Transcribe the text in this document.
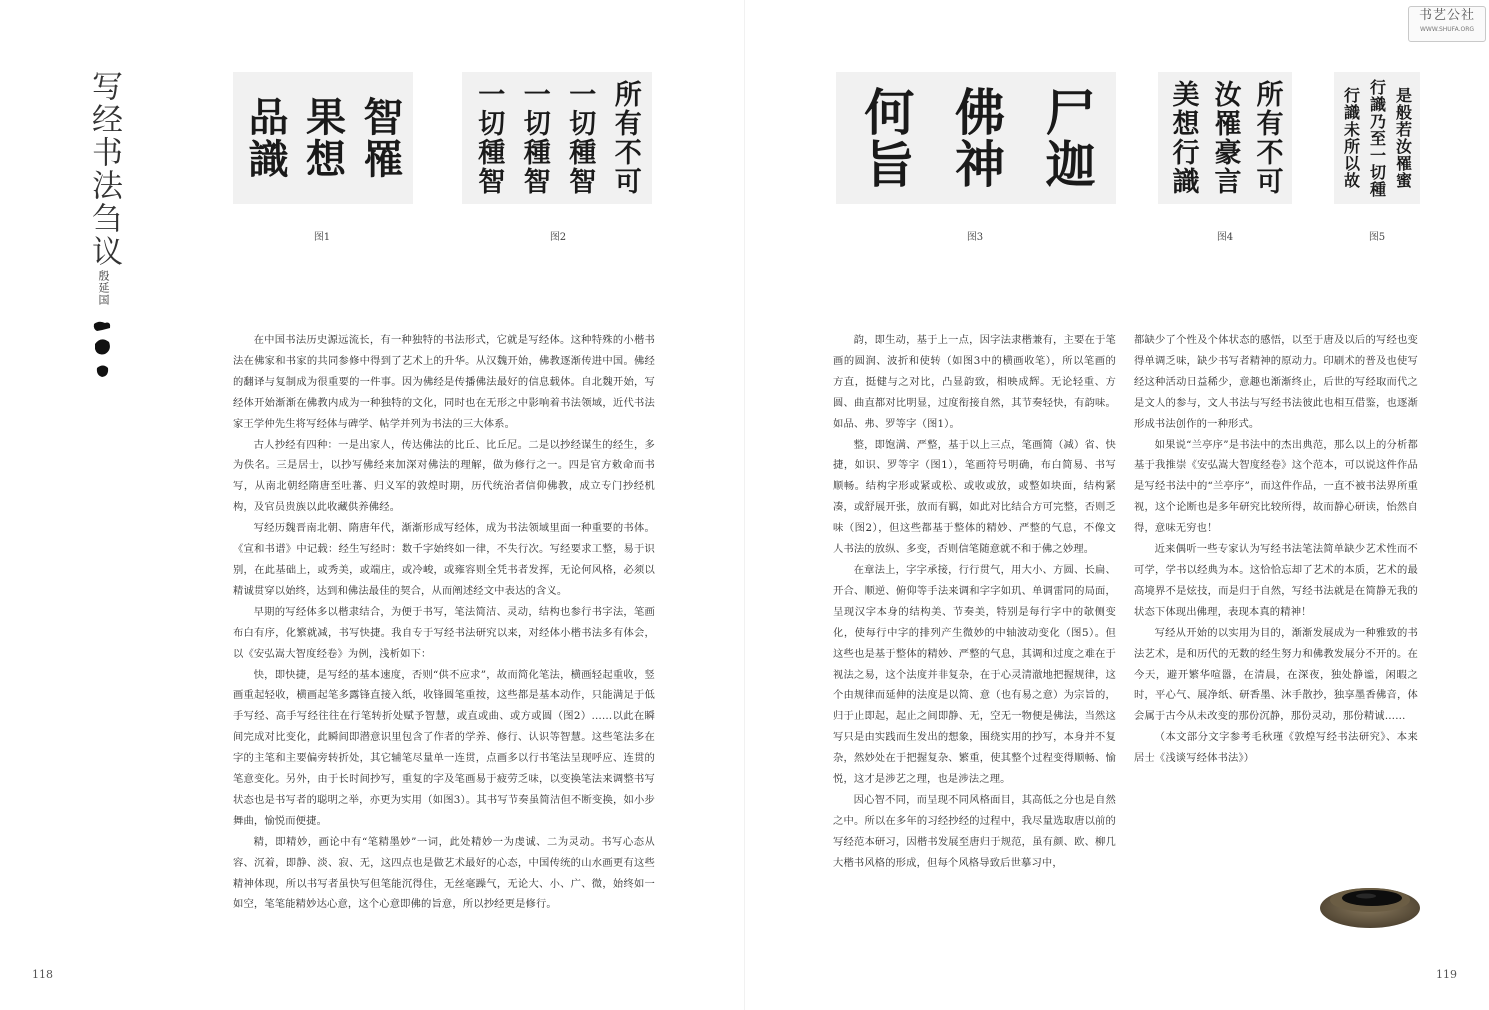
书艺公社
WWW.SHUFA.ORG
写经书法刍议
殷延国
智罹
果想
品識
图1
所有不可
一切種智
一切種智
一切種智
图2
尸迦
佛神
何旨
图3
所有不可
汝罹豪言
美想行識
图4
是般若汝罹蜜
行識乃至一切種
行識未所以故
图5

在中国书法历史源远流长，有一种独特的书法形式，它就是写经体。这种特殊的小楷书法在佛家和书家的共同参修中得到了艺术上的升华。从汉魏开始，佛教逐渐传进中国。佛经的翻译与复制成为很重要的一件事。因为佛经是传播佛法最好的信息载体。自北魏开始，写经体开始渐渐在佛教内成为一种独特的文化，同时也在无形之中影响着书法领域，近代书法家王学仲先生将写经体与碑学、帖学并列为书法的三大体系。

古人抄经有四种：一是出家人，传达佛法的比丘、比丘尼。二是以抄经谋生的经生，多为佚名。三是居士，以抄写佛经来加深对佛法的理解，做为修行之一。四是官方敕命而书写，从南北朝经隋唐至吐蕃、归义军的敦煌时期，历代统治者信仰佛教，成立专门抄经机构，及官员贵族以此收藏供养佛经。

写经历魏晋南北朝、隋唐年代，渐渐形成写经体，成为书法领域里面一种重要的书体。《宣和书谱》中记载：经生写经时：数千字始终如一律，不失行次。写经要求工整，易于识别，在此基础上，或秀美，或端庄，或冷峻，或雍容则全凭书者发挥，无论何风格，必须以精诚贯穿以始终，达到和佛法最佳的契合，从而阐述经文中表达的含义。

早期的写经体多以楷隶结合，为便于书写，笔法简洁、灵动，结构也参行书字法，笔画布白有序，化繁就减，书写快捷。我自专于写经书法研究以来，对经体小楷书法多有体会，以《安弘嵩大智度经卷》为例，浅析如下：

快，即快捷，是写经的基本速度，否则“供不应求”，故而简化笔法，横画轻起重收，竖画重起轻收，横画起笔多露锋直接入纸，收锋圆笔重按，这些都是基本动作，只能满足于低手写经、高手写经往往在行笔转折处赋予智慧，或直或曲、或方或圆（图2）……以此在瞬间完成对比变化，此瞬间即潜意识里包含了作者的学养、修行、认识等智慧。这些笔法多在字的主笔和主要偏旁转折处，其它辅笔尽量单一连贯，点画多以行书笔法呈现呼应、连贯的笔意变化。另外，由于长时间抄写，重复的字及笔画易于疲劳乏味，以变换笔法来调整书写状态也是书写者的聪明之举，亦更为实用（如图3）。其书写节奏虽简洁但不断变换，如小步舞曲，愉悦而便捷。

精，即精妙，画论中有“笔精墨妙”一词，此处精妙一为虔诚、二为灵动。书写心态从容、沉着，即静、淡、寂、无，这四点也是做艺术最好的心态，中国传统的山水画更有这些精神体现，所以书写者虽快写但笔能沉得住，无丝毫躁气，无论大、小、广、微，始终如一如空，笔笔能精妙达心意，这个心意即佛的旨意，所以抄经更是修行。

118

韵，即生动，基于上一点，因字法隶楷兼有，主要在于笔画的圆润、波折和使转（如图3中的横画收笔），所以笔画的方直，挺健与之对比，凸显韵致，相映成辉。无论轻重、方圆、曲直都对比明显，过度衔接自然，其节奏轻快，有韵味。如品、弗、罗等字（图1）。

整，即饱满、严整，基于以上三点，笔画简（减）省、快捷，如识、罗等字（图1），笔画符号明确，布白简易、书写顺畅。结构字形或紧或松、或收或放，或整如块面，结构紧凑，或舒展开张，放而有羁，如此对比结合方可完整，否则乏味（图2），但这些都基于整体的精妙、严整的气息，不像文人书法的放纵、多变，否则信笔随意就不和于佛之妙理。

在章法上，字字承接，行行贯气，用大小、方圆、长扁、开合、顺逆、俯仰等手法来调和字字如玑、单调雷同的局面，呈现汉字本身的结构美、节奏美，特别是每行字中的欹侧变化，使每行中字的排列产生微妙的中轴波动变化（图5）。但这些也是基于整体的精妙、严整的气息，其调和过度之难在于视法之易，这个法度并非复杂，在于心灵清澈地把握规律，这个由规律而延伸的法度是以简、意（也有易之意）为宗旨的，归于止即起，起止之间即静、无，空无一物便是佛法，当然这写只是由实践而生发出的想象，围绕实用的抄写，本身并不复杂，然妙处在于把握复杂、繁重，使其整个过程变得顺畅、愉悦，这才是涉艺之理，也是涉法之理。

因心智不同，而呈现不同风格面目，其高低之分也是自然之中。所以在多年的习经抄经的过程中，我尽量选取唐以前的写经范本研习，因楷书发展至唐归于规范，虽有颜、欧、柳几大楷书风格的形成，但每个风格导致后世摹习中，

都缺少了个性及个体状态的感悟，以至于唐及以后的写经也变得单调乏味，缺少书写者精神的原动力。印刷术的普及也使写经这种活动日益稀少，意趣也渐渐终止，后世的写经取而代之是文人的参与，文人书法与写经书法彼此也相互借鉴，也逐渐形成书法创作的一种形式。

如果说“兰亭序”是书法中的杰出典范，那么以上的分析都基于我推崇《安弘嵩大智度经卷》这个范本，可以说这件作品是写经书法中的“兰亭序”，而这件作品，一直不被书法界所重视，这个论断也是多年研究比较所得，故而静心研读，怡然自得，意味无穷也！

近来偶听一些专家认为写经书法笔法简单缺少艺术性而不可学，学书以经典为本。这恰恰忘却了艺术的本质，艺术的最高境界不是炫技，而是归于自然，写经书法就是在简静无我的状态下体现出佛理，表现本真的精神！

写经从开始的以实用为目的，渐渐发展成为一种雅致的书法艺术，是和历代的无数的经生努力和佛教发展分不开的。在今天，避开繁华喧嚣，在清晨，在深夜，独处静谧，闲暇之时，平心气、展净纸、研香墨、沐手散抄，独享墨香佛音，体会属于古今从未改变的那份沉静，那份灵动，那份精诚……

（本文部分文字参考毛秋瑾《敦煌写经书法研究》、本来居士《浅谈写经体书法》）

119
